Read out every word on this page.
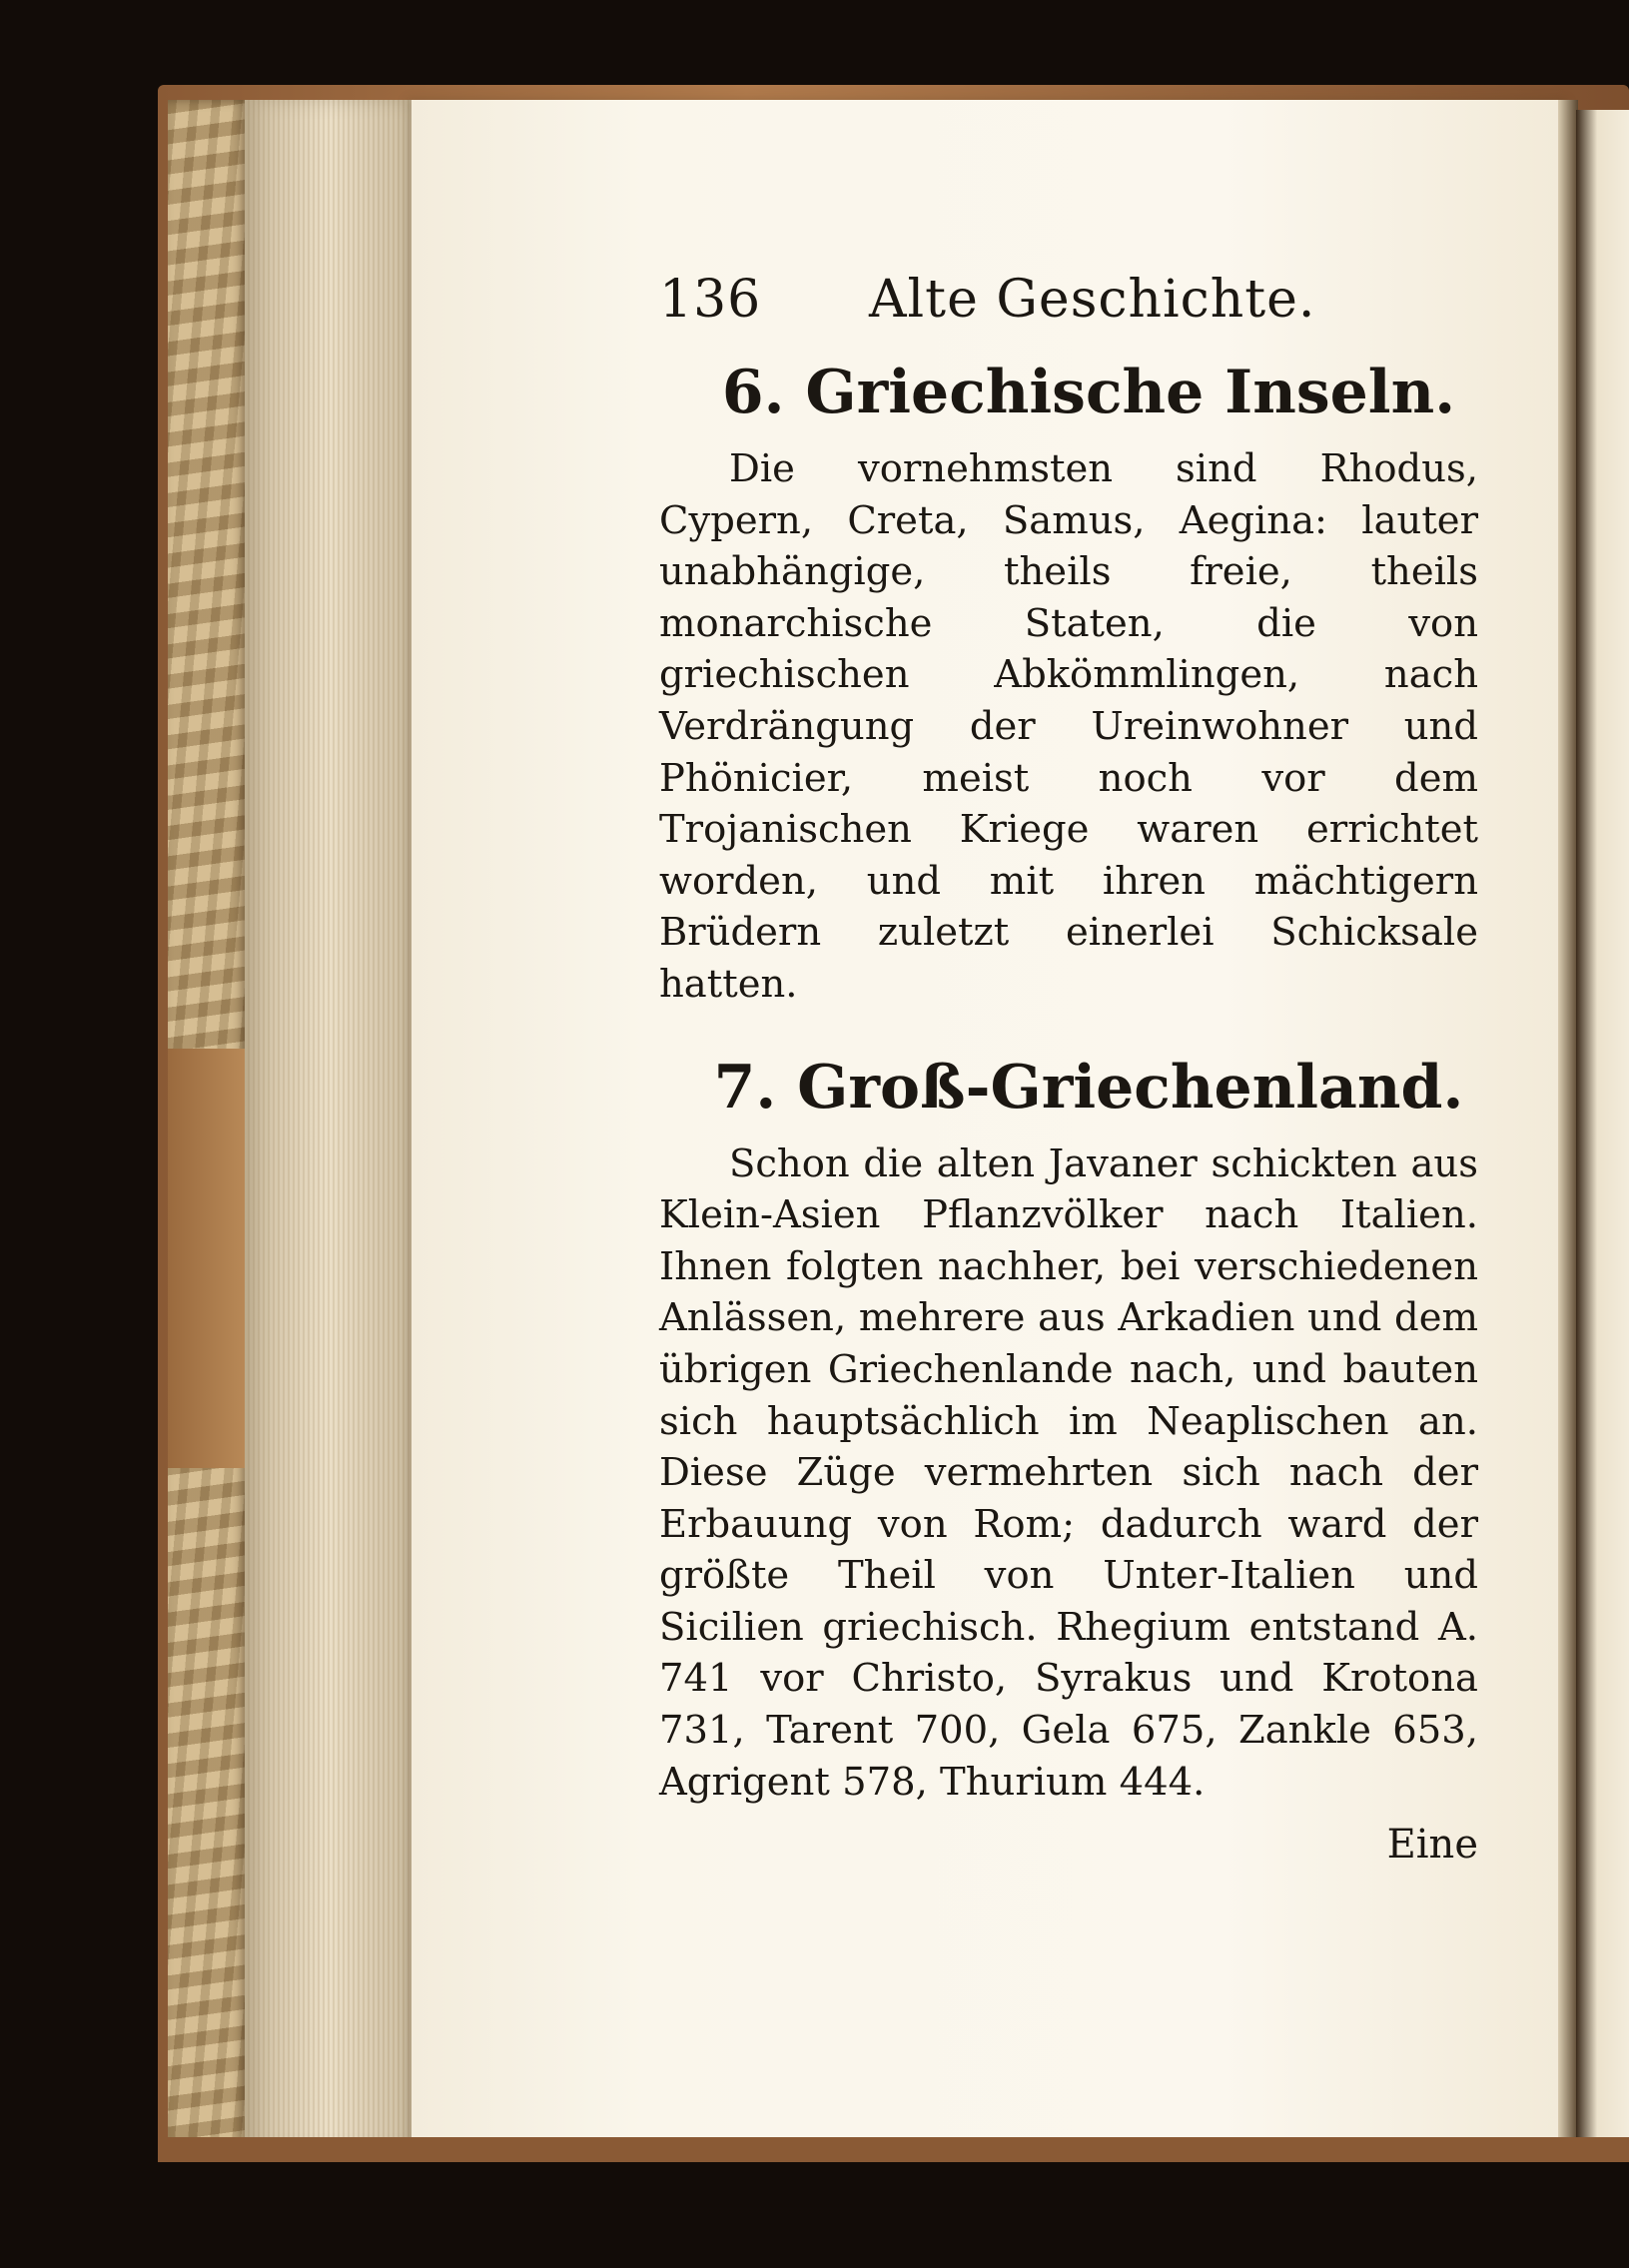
136 Alte Geschichte.
6. Griechische Inseln.

Die vornehmsten sind Rhodus, Cypern, Creta, Samus, Aegina: lauter unabhängige, theils freie, theils monarchische Staten, die von griechischen Abkömmlingen, nach Verdrängung der Ureinwohner und Phönicier, meist noch vor dem Trojanischen Kriege waren errichtet worden, und mit ihren mächtigern Brüdern zuletzt einerlei Schicksale hatten.

7. Groß-Griechenland.

Schon die alten Javaner schickten aus Klein-Asien Pflanzvölker nach Italien. Ihnen folgten nachher, bei verschiedenen Anlässen, mehrere aus Arkadien und dem übrigen Griechenlande nach, und bauten sich hauptsächlich im Neaplischen an. Diese Züge vermehrten sich nach der Erbauung von Rom; dadurch ward der größte Theil von Unter-Italien und Sicilien griechisch. Rhegium entstand A. 741 vor Christo, Syrakus und Krotona 731, Tarent 700, Gela 675, Zankle 653, Agrigent 578, Thurium 444.

Eine
